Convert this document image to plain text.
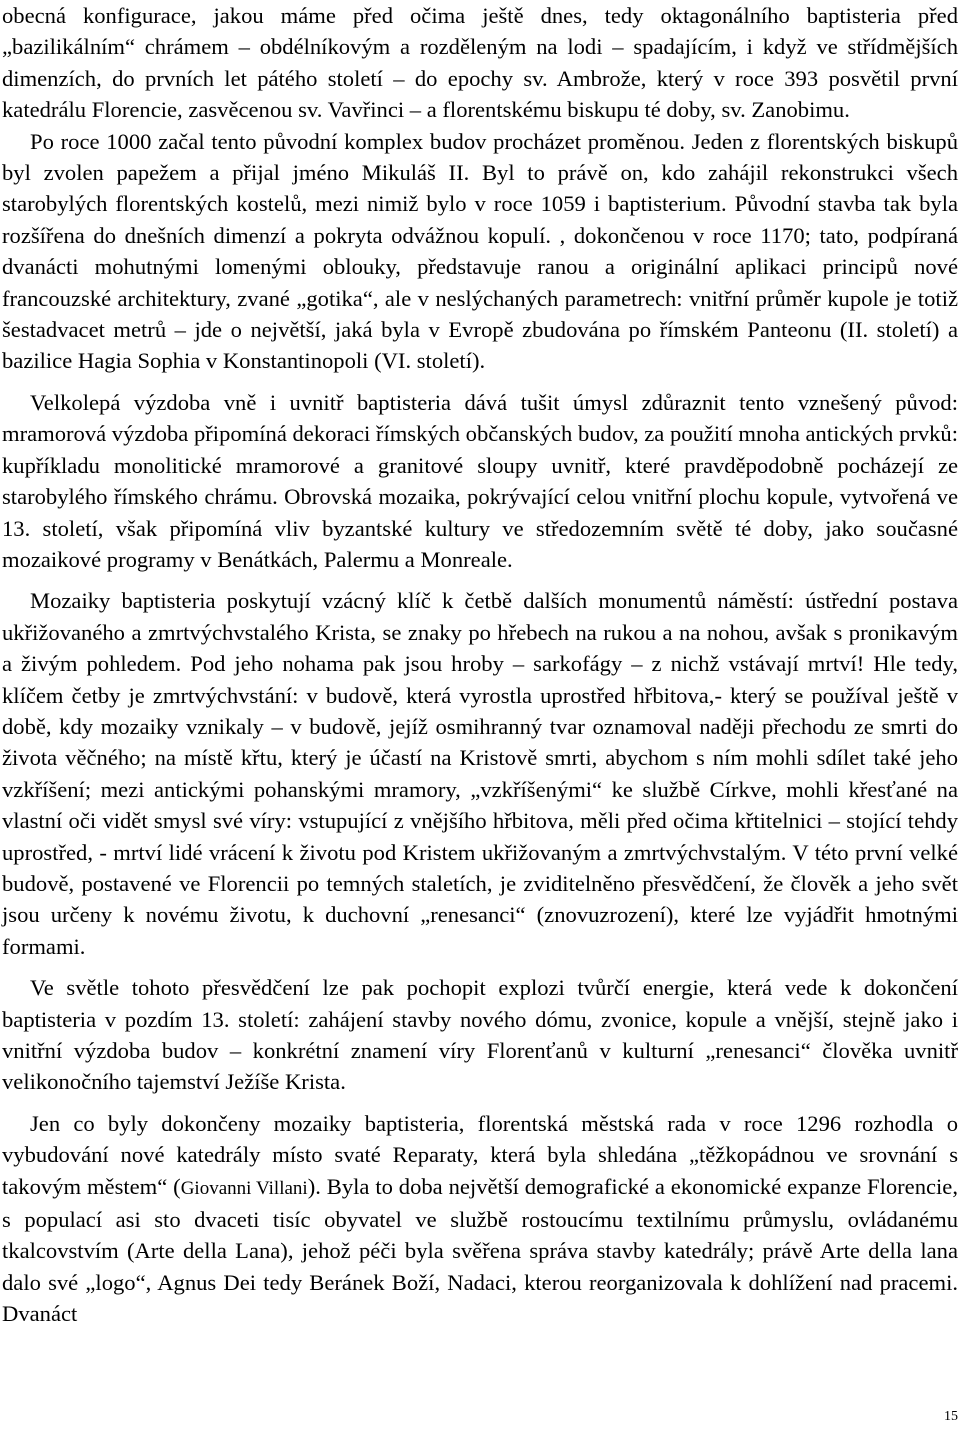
obecná konfigurace, jakou máme před očima ještě dnes, tedy oktagonálního baptisteria před „bazilikálním“ chrámem – obdélníkovým a rozděleným na lodi – spadajícím, i když ve střídmějších dimenzích, do prvních let pátého století – do epochy sv. Ambrože, který v roce 393 posvětil první katedrálu Florencie, zasvěcenou sv. Vavřinci – a florentskému biskupu té doby, sv. Zanobimu.

Po roce 1000 začal tento původní komplex budov procházet proměnou. Jeden z florentských biskupů byl zvolen papežem a přijal jméno Mikuláš II. Byl to právě on, kdo zahájil rekonstrukci všech starobylých florentských kostelů, mezi nimiž bylo v roce 1059 i baptisterium. Původní stavba tak byla rozšířena do dnešních dimenzí a pokryta odvážnou kopulí. , dokončenou v roce 1170; tato, podpíraná dvanácti mohutnými lomenými oblouky, představuje ranou a originální aplikaci principů nové francouzské architektury, zvané „gotika“, ale v neslýchaných parametrech: vnitřní průměr kupole je totiž šestadvacet metrů – jde o největší, jaká byla v Evropě zbudována po římském Panteonu (II. století) a bazilice Hagia Sophia v Konstantinopoli (VI. století).

Velkolepá výzdoba vně i uvnitř baptisteria dává tušit úmysl zdůraznit tento vznešený původ: mramorová výzdoba připomíná dekoraci římských občanských budov, za použití mnoha antických prvků: kupříkladu monolitické mramorové a granitové sloupy uvnitř, které pravděpodobně pocházejí ze starobylého římského chrámu. Obrovská mozaika, pokrývající celou vnitřní plochu kopule, vytvořená ve 13. století, však připomíná vliv byzantské kultury ve středozemním světě té doby, jako současné mozaikové programy v Benátkách, Palermu a Monreale.

Mozaiky baptisteria poskytují vzácný klíč k četbě dalších monumentů náměstí: ústřední postava ukřižovaného a zmrtvýchvstalého Krista, se znaky po hřebech na rukou a na nohou, avšak s pronikavým a živým pohledem. Pod jeho nohama pak jsou hroby – sarkofágy – z nichž vstávají mrtví! Hle tedy, klíčem četby je zmrtvýchvstání: v budově, která vyrostla uprostřed hřbitova,- který se používal ještě v době, kdy mozaiky vznikaly – v budově, jejíž osmihranný tvar oznamoval naději přechodu ze smrti do života věčného; na místě křtu, který je účastí na Kristově smrti, abychom s ním mohli sdílet také jeho vzkříšení; mezi antickými pohanskými mramory, „vzkříšenými“ ke službě Církve, mohli křesťané na vlastní oči vidět smysl své víry: vstupující z vnějšího hřbitova, měli před očima křtitelnici – stojící tehdy uprostřed, - mrtví lidé vrácení k životu pod Kristem ukřižovaným a zmrtvýchvstalým. V této první velké budově, postavené ve Florencii po temných staletích, je zviditelněno přesvědčení, že člověk a jeho svět jsou určeny k novému životu, k duchovní „renesanci“ (znovuzrození), které lze vyjádřit hmotnými formami.

Ve světle tohoto přesvědčení lze pak pochopit explozi tvůrčí energie, která vede k dokončení baptisteria v pozdím 13. století: zahájení stavby nového dómu, zvonice, kopule a vnější, stejně jako i vnitřní výzdoba budov – konkrétní znamení víry Florenťanů v kulturní „renesanci“ člověka uvnitř velikonočního tajemství Ježíše Krista.

Jen co byly dokončeny mozaiky baptisteria, florentská městská rada v roce 1296 rozhodla o vybudování nové katedrály místo svaté Reparaty, která byla shledána „těžkopádnou ve srovnání s takovým městem“ (Giovanni Villani). Byla to doba největší demografické a ekonomické expanze Florencie, s populací asi sto dvaceti tisíc obyvatel ve službě rostoucímu textilnímu průmyslu, ovládanému tkalcovstvím (Arte della Lana), jehož péči byla svěřena správa stavby katedrály; právě Arte della lana dalo své „logo“, Agnus Dei tedy Beránek Boží, Nadaci, kterou reorganizovala k dohlížení nad pracemi. Dvanáct

15
